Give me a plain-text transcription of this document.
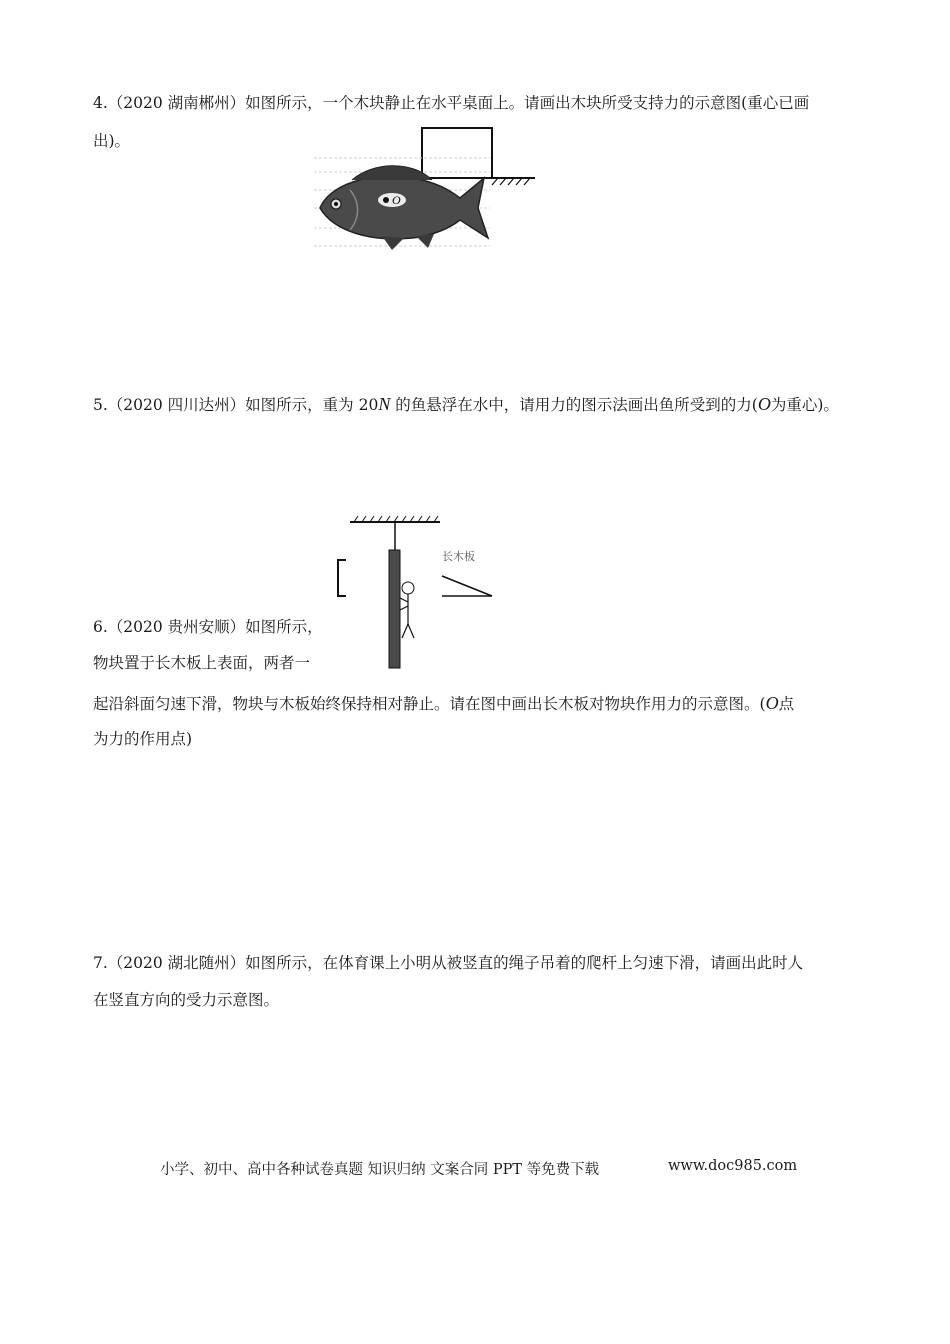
4.（2020 湖南郴州）如图所示，一个木块静止在水平桌面上。请画出木块所受支持力的示意图(重心已画
出)。
O
5.（2020 四川达州）如图所示，重为 20N 的鱼悬浮在水中，请用力的图示法画出鱼所受到的力(O为重心)。
长木板
6.（2020 贵州安顺）如图所示，
物块置于长木板上表面，两者一
起沿斜面匀速下滑，物块与木板始终保持相对静止。请在图中画出长木板对物块作用力的示意图。(O点
为力的作用点)
7.（2020 湖北随州）如图所示，在体育课上小明从被竖直的绳子吊着的爬杆上匀速下滑，请画出此时人
在竖直方向的受力示意图。
小学、初中、高中各种试卷真题 知识归纳 文案合同 PPT 等免费下载	www.doc985.com
